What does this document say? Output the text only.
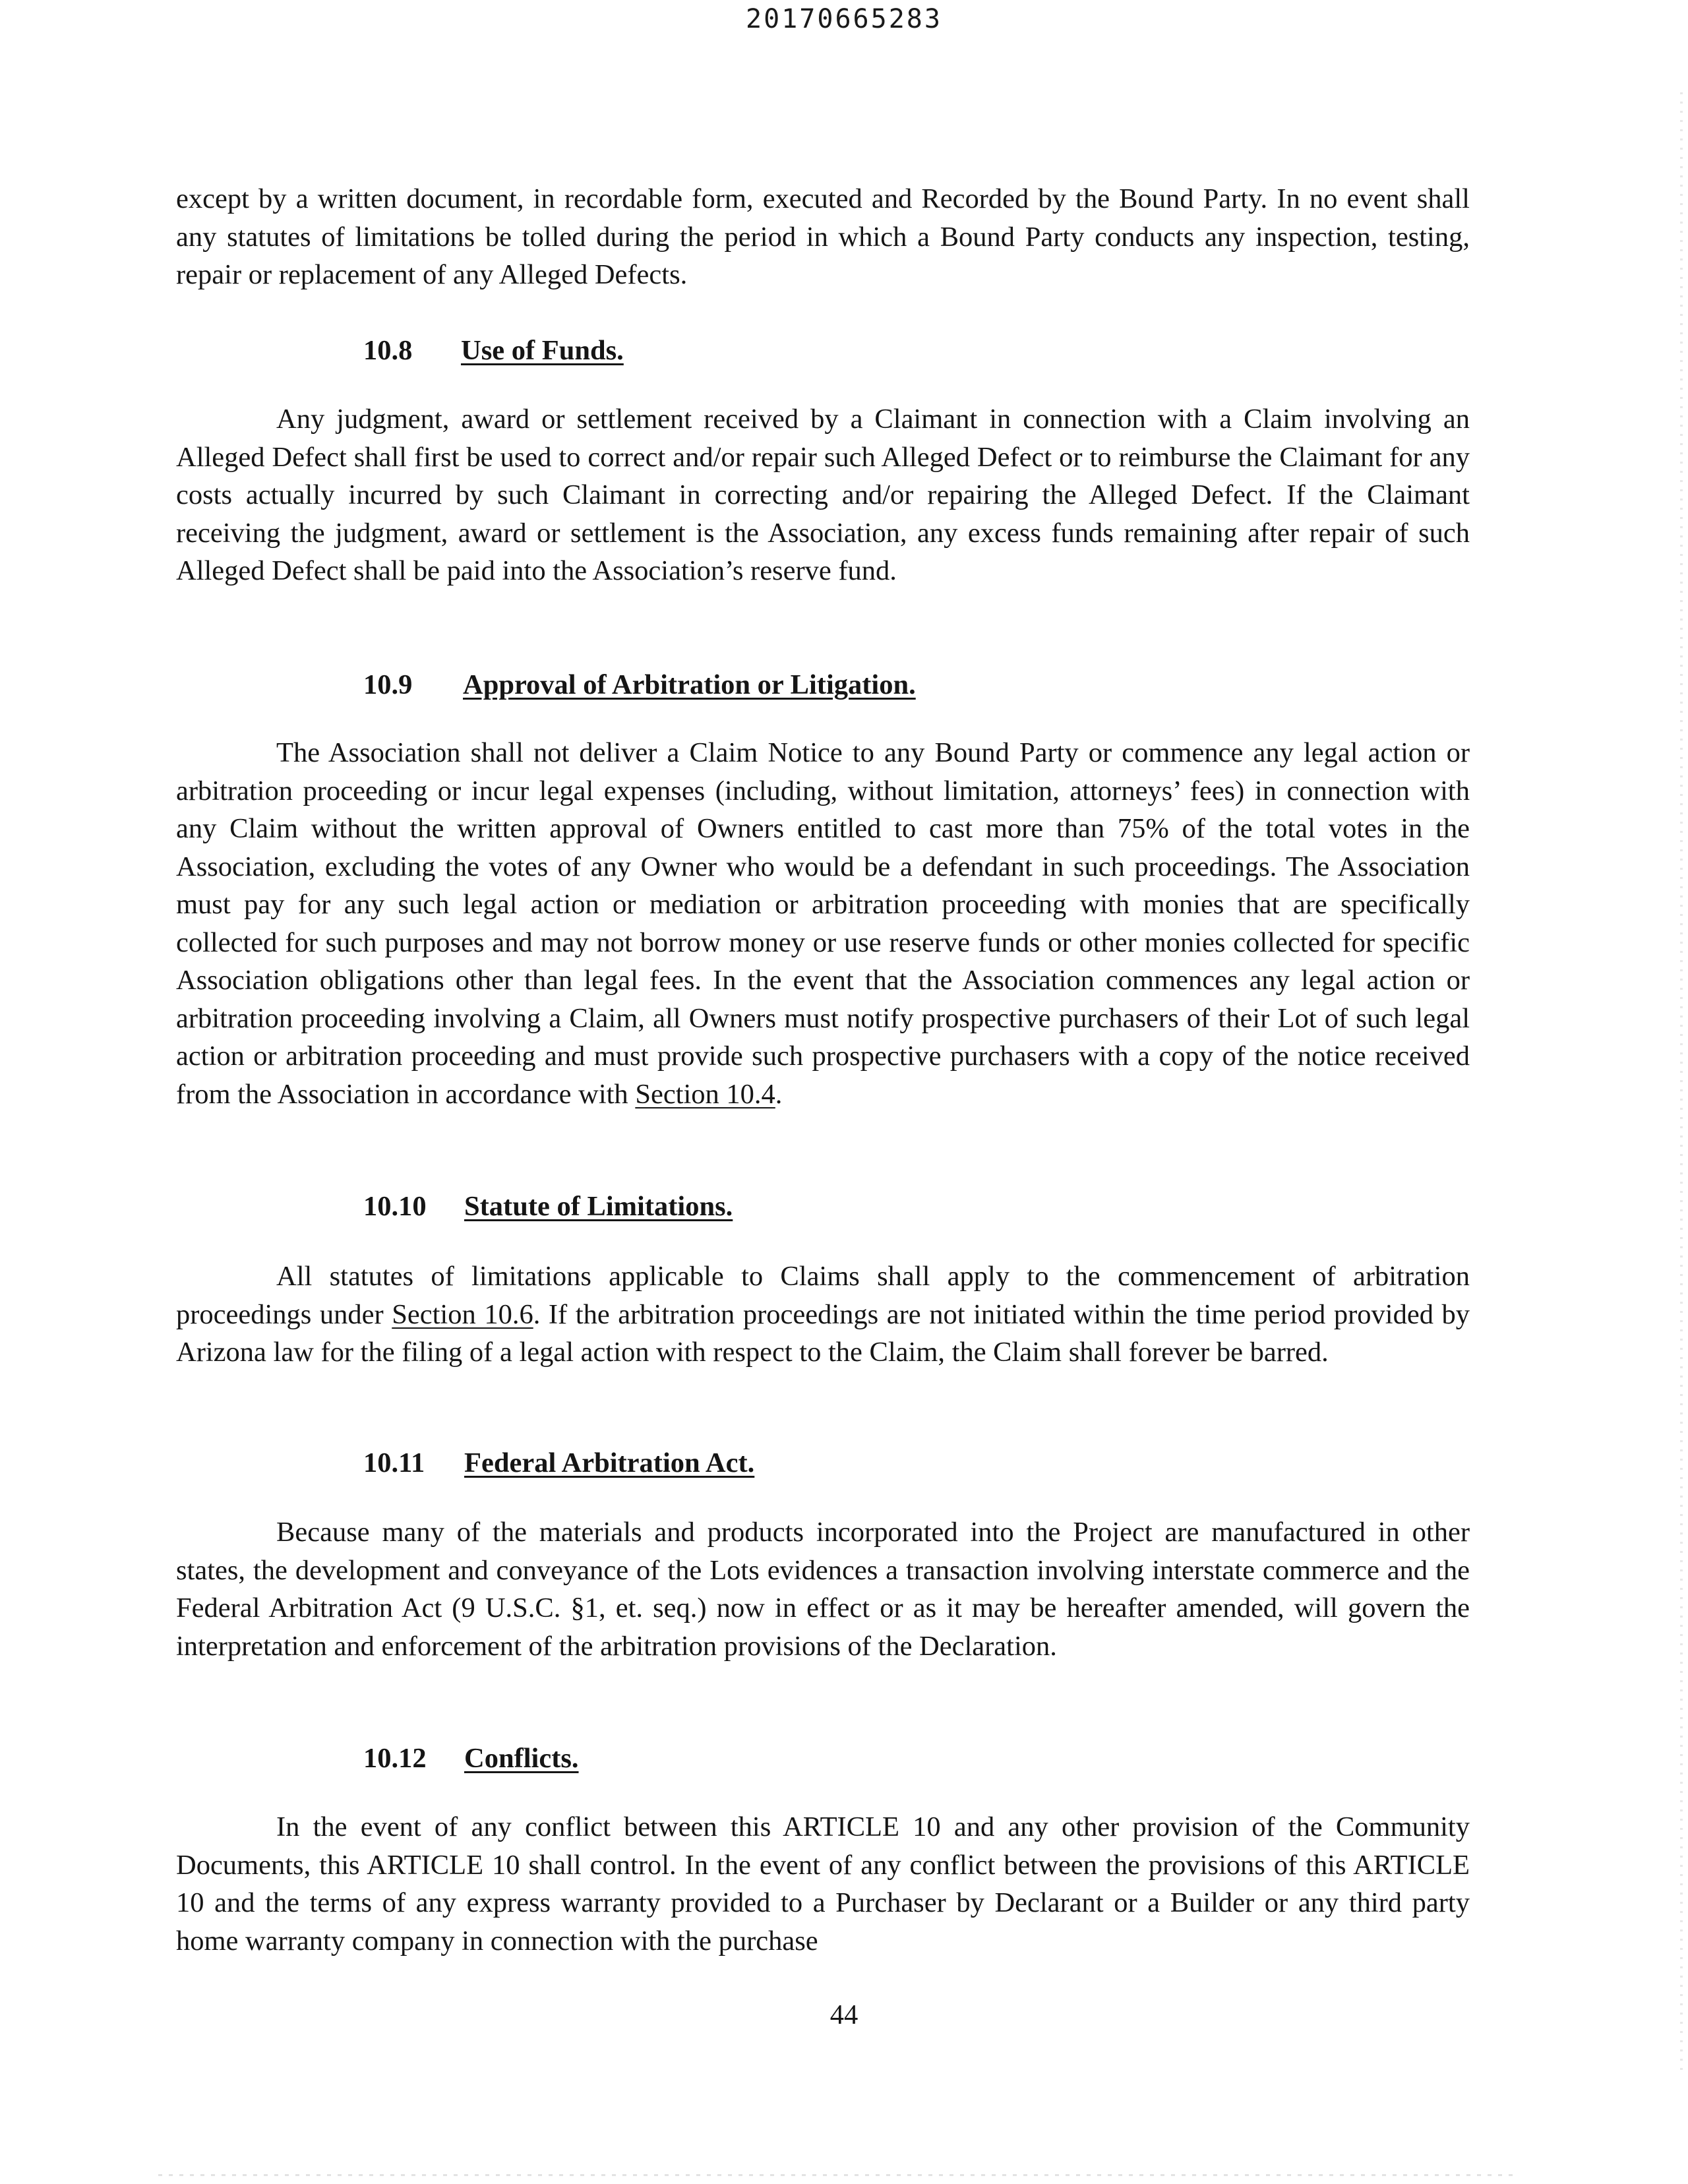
20170665283

except by a written document, in recordable form, executed and Recorded by the Bound Party. In no event shall any statutes of limitations be tolled during the period in which a Bound Party conducts any inspection, testing, repair or replacement of any Alleged Defects.

10.8 Use of Funds.

Any judgment, award or settlement received by a Claimant in connection with a Claim involving an Alleged Defect shall first be used to correct and/or repair such Alleged Defect or to reimburse the Claimant for any costs actually incurred by such Claimant in correcting and/or repairing the Alleged Defect. If the Claimant receiving the judgment, award or settlement is the Association, any excess funds remaining after repair of such Alleged Defect shall be paid into the Association’s reserve fund.

10.9 Approval of Arbitration or Litigation.

The Association shall not deliver a Claim Notice to any Bound Party or commence any legal action or arbitration proceeding or incur legal expenses (including, without limitation, attorneys’ fees) in connection with any Claim without the written approval of Owners entitled to cast more than 75% of the total votes in the Association, excluding the votes of any Owner who would be a defendant in such proceedings. The Association must pay for any such legal action or mediation or arbitration proceeding with monies that are specifically collected for such purposes and may not borrow money or use reserve funds or other monies collected for specific Association obligations other than legal fees. In the event that the Association commences any legal action or arbitration proceeding involving a Claim, all Owners must notify prospective purchasers of their Lot of such legal action or arbitration proceeding and must provide such prospective purchasers with a copy of the notice received from the Association in accordance with Section 10.4.

10.10 Statute of Limitations.

All statutes of limitations applicable to Claims shall apply to the commencement of arbitration proceedings under Section 10.6. If the arbitration proceedings are not initiated within the time period provided by Arizona law for the filing of a legal action with respect to the Claim, the Claim shall forever be barred.

10.11 Federal Arbitration Act.

Because many of the materials and products incorporated into the Project are manufactured in other states, the development and conveyance of the Lots evidences a transaction involving interstate commerce and the Federal Arbitration Act (9 U.S.C. §1, et. seq.) now in effect or as it may be hereafter amended, will govern the interpretation and enforcement of the arbitration provisions of the Declaration.

10.12 Conflicts.

In the event of any conflict between this ARTICLE 10 and any other provision of the Community Documents, this ARTICLE 10 shall control. In the event of any conflict between the provisions of this ARTICLE 10 and the terms of any express warranty provided to a Purchaser by Declarant or a Builder or any third party home warranty company in connection with the purchase

44
